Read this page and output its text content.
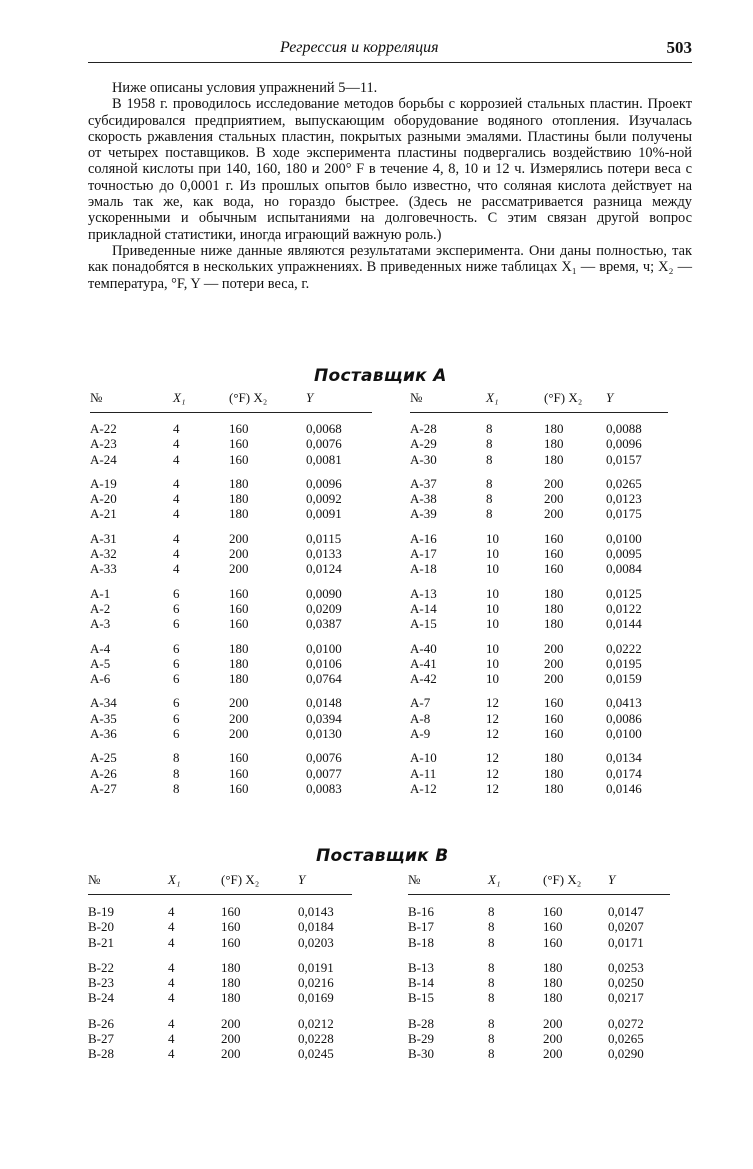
Регрессия и корреляция	503

Ниже описаны условия упражнений 5—11.

В 1958 г. проводилось исследование методов борьбы с коррозией стальных пластин. Проект субсидировался предприятием, выпускающим оборудование водяного отопления. Изучалась скорость ржавления стальных пластин, покрытых разными эмалями. Пластины были получены от четырех поставщиков. В ходе эксперимента пластины подвергались воздействию 10%-ной соляной кислоты при 140, 160, 180 и 200° F в течение 4, 8, 10 и 12 ч. Измерялись потери веса с точностью до 0,0001 г. Из прошлых опытов было известно, что соляная кислота действует на эмаль так же, как вода, но гораздо быстрее. (Здесь не рассматривается разница между ускоренными и обычным испытаниями на долговечность. С этим связан другой вопрос прикладной статистики, иногда играющий важную роль.)

Приведенные ниже данные являются результатами эксперимента. Они даны полностью, так как понадобятся в нескольких упражнениях. В приведенных ниже таблицах X₁ — время, ч; X₂ — температура, °F, Y — потери веса, г.

Поставщик A
№	X₁	(°F) X₂	Y

A-22	4	160	0,0068
A-23	4	160	0,0076
A-24	4	160	0,0081

A-19	4	180	0,0096
A-20	4	180	0,0092
A-21	4	180	0,0091

A-31	4	200	0,0115
A-32	4	200	0,0133
A-33	4	200	0,0124

A-1	6	160	0,0090
A-2	6	160	0,0209
A-3	6	160	0,0387

A-4	6	180	0,0100
A-5	6	180	0,0106
A-6	6	180	0,0764

A-34	6	200	0,0148
A-35	6	200	0,0394
A-36	6	200	0,0130

A-25	8	160	0,0076
A-26	8	160	0,0077
A-27	8	160	0,0083
№	X₁	(°F) X₂	Y

A-28	8	180	0,0088
A-29	8	180	0,0096
A-30	8	180	0,0157

A-37	8	200	0,0265
A-38	8	200	0,0123
A-39	8	200	0,0175

A-16	10	160	0,0100
A-17	10	160	0,0095
A-18	10	160	0,0084

A-13	10	180	0,0125
A-14	10	180	0,0122
A-15	10	180	0,0144

A-40	10	200	0,0222
A-41	10	200	0,0195
A-42	10	200	0,0159

A-7	12	160	0,0413
A-8	12	160	0,0086
A-9	12	160	0,0100

A-10	12	180	0,0134
A-11	12	180	0,0174
A-12	12	180	0,0146
Поставщик B
№	X₁	(°F) X₂	Y

B-19	4	160	0,0143
B-20	4	160	0,0184
B-21	4	160	0,0203

B-22	4	180	0,0191
B-23	4	180	0,0216
B-24	4	180	0,0169

B-26	4	200	0,0212
B-27	4	200	0,0228
B-28	4	200	0,0245
№	X₁	(°F) X₂	Y

B-16	8	160	0,0147
B-17	8	160	0,0207
B-18	8	160	0,0171

B-13	8	180	0,0253
B-14	8	180	0,0250
B-15	8	180	0,0217

B-28	8	200	0,0272
B-29	8	200	0,0265
B-30	8	200	0,0290
